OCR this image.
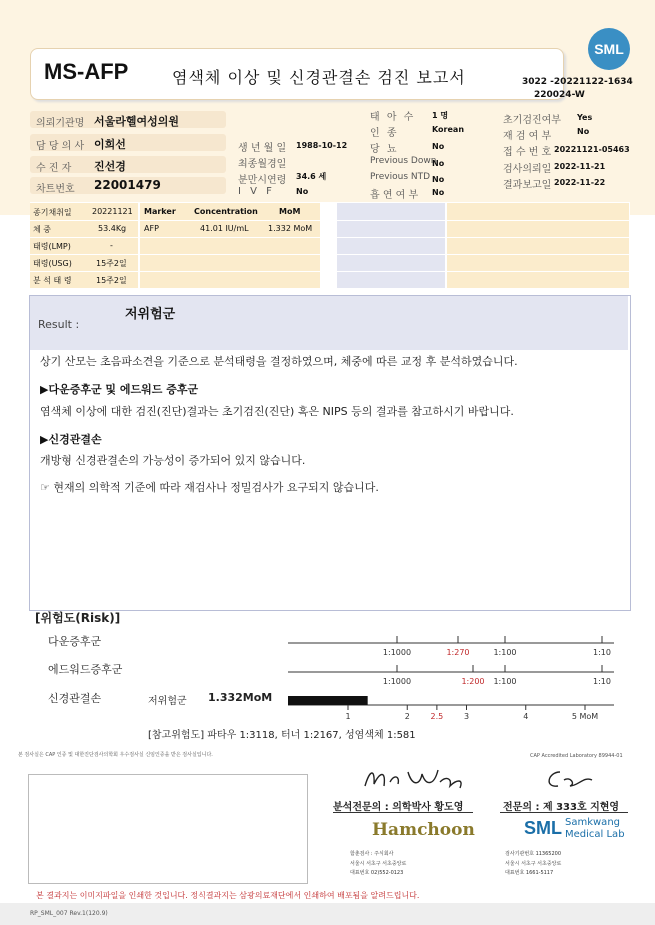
MS-AFP	염색체 이상 및 신경관결손 검진 보고서	3022 -20221122-1634
220024-W
SML
의뢰기관명 서울라헬여성의원
담 당 의 사 이희선
수 진 자 진선경
차트번호 22001479
생 년 월 일 1988-10-12
최종월경일
분만시연령 34.6 세
I V F	No
태 아 수 1 명
인 종	Korean
당 뇨	No
Previous Down
No
Previous NTD No
흡 연 여 부 No
초기검진여부 Yes
재 검 여 부	No
접 수 번 호 20221121-05463
검사의뢰일 2022-11-21
결과보고일 2022-11-22
종기채취일	20221121
체 중	53.4Kg
태령(LMP)	-
태령(USG)	15주2일
분 석 태 령	15주2일
Marker Concentration	MoM
AFP	41.01 IU/mL 1.332 MoM
Result :
저위험군
상기 산모는 초음파소견을 기준으로 분석태령을 결정하였으며, 체중에 따른 교정 후 분석하였습니다.
▶다운증후군 및 에드워드 증후군
염색체 이상에 대한 검진(진단)결과는 초기검진(진단) 혹은 NIPS 등의 결과를 참고하시기 바랍니다.
▶신경관결손
개방형 신경관결손의 가능성이 증가되어 있지 않습니다.
☞ 현재의 의학적 기준에 따라 재검사나 정밀검사가 요구되지 않습니다.
[위험도(Risk)]
다운증후군
에드워드증후군
신경관결손	저위험군 1.332MoM
1:1000	1:270	1:100	1:10
1:1000	1:200 1:100	1:10
1	2	2.5	3	4	5 MoM
[참고위험도] 파타우 1:3118, 터너 1:2167, 성염색체 1:581
본 검사실은 CAP 인증 및 대한진단검사의학회 우수검사실 신임인증을 받은 검사실입니다.	CAP Accredited Laboratory 89944-01
분석전문의 : 의학박사 황도영	전문의 : 제 333호 지현영
Hamchoon
함춘검사 : 주식회사
서울시 서초구 서초중앙로
대표번호 02)552-0123
SML Samkwang
Medical Lab
검사기관번호 11365200
서울시 서초구 서초중앙로
대표번호 1661-5117
본 결과지는 이미지파일을 인쇄한 것입니다. 정식결과지는 삼광의료재단에서 인쇄하여 배포됨을 알려드립니다.
RP_SML_007 Rev.1(120.9)
